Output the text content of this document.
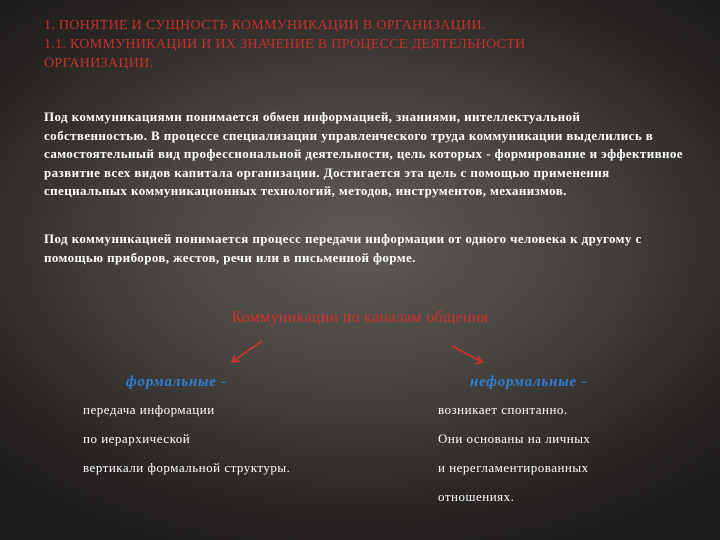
1. ПОНЯТИЕ И СУЩНОСТЬ КОММУНИКАЦИИ В ОРГАНИЗАЦИИ.
1.1. КОММУНИКАЦИИ И ИХ ЗНАЧЕНИЕ В ПРОЦЕССЕ ДЕЯТЕЛЬНОСТИ
ОРГАНИЗАЦИИ.
Под коммуникациями понимается обмен информацией, знаниями, интеллектуальной собственностью. В процессе специализации управленческого труда коммуникации выделились в самостоятельный вид профессиональной деятельности, цель которых - формирование и эффективное развитие всех видов капитала организации. Достигается эта цель с помощью применения специальных коммуникационных технологий, методов, инструментов, механизмов.
Под коммуникацией понимается процесс передачи информации от одного человека к другому с помощью приборов, жестов, речи или в письменной форме.
Коммуникации по каналам общения
формальные -	неформальные -
передача информации
по иерархической
вертикали формальной структуры.
возникает спонтанно.
Они основаны на личных
и нерегламентированных
отношениях.
